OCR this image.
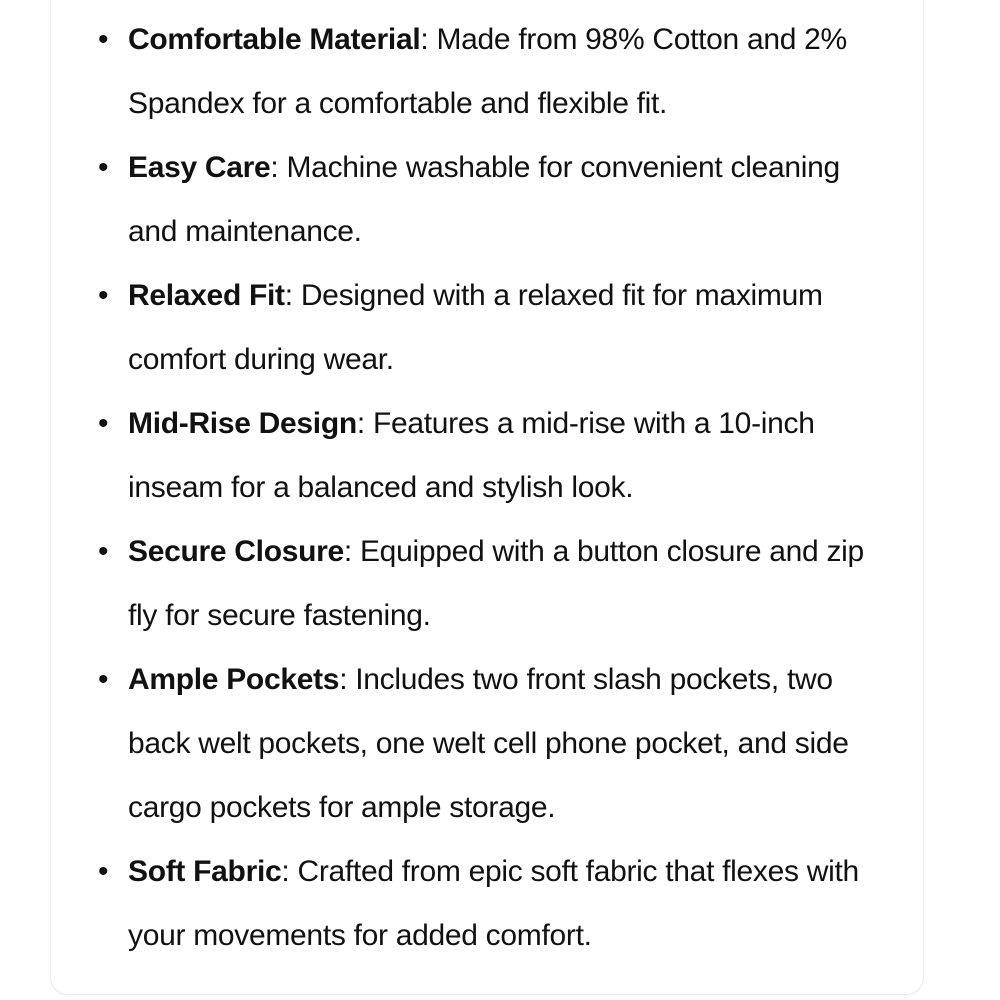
• Comfortable Material: Made from 98% Cotton and 2% Spandex for a comfortable and flexible fit.
• Easy Care: Machine washable for convenient cleaning and maintenance.
• Relaxed Fit: Designed with a relaxed fit for maximum comfort during wear.
• Mid-Rise Design: Features a mid-rise with a 10-inch inseam for a balanced and stylish look.
• Secure Closure: Equipped with a button closure and zip fly for secure fastening.
• Ample Pockets: Includes two front slash pockets, two back welt pockets, one welt cell phone pocket, and side cargo pockets for ample storage.
• Soft Fabric: Crafted from epic soft fabric that flexes with your movements for added comfort.
